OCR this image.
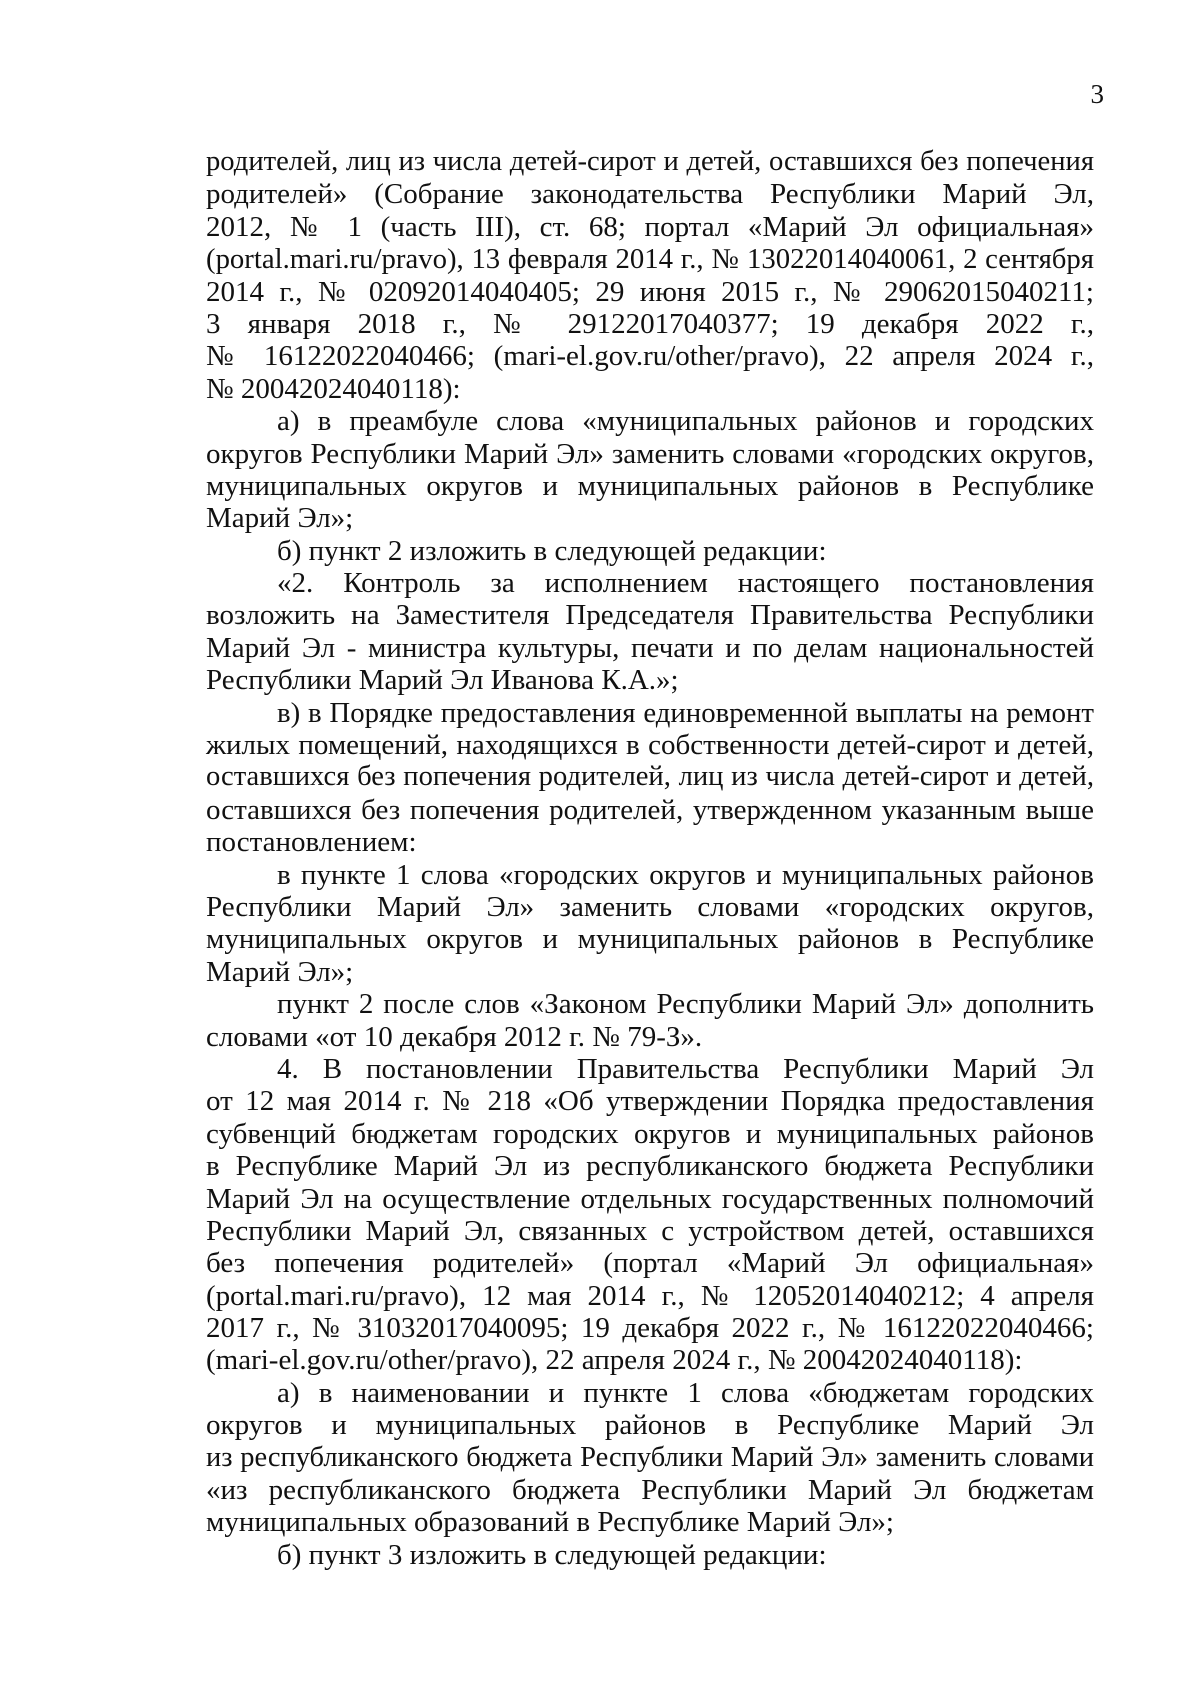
3
родителей, лиц из числа детей-сирот и детей, оставшихся без попечения
родителей» (Собрание законодательства Республики Марий Эл,
2012, № 1 (часть III), ст. 68; портал «Марий Эл официальная»
(portal.mari.ru/pravo), 13 февраля 2014 г., № 13022014040061, 2 сентября
2014 г., № 02092014040405; 29 июня 2015 г., № 29062015040211;
3 января 2018 г., № 29122017040377; 19 декабря 2022 г.,
№ 16122022040466; (mari-el.gov.ru/other/pravo), 22 апреля 2024 г.,
№ 20042024040118):
а) в преамбуле слова «муниципальных районов и городских
округов Республики Марий Эл» заменить словами «городских округов,
муниципальных округов и муниципальных районов в Республике
Марий Эл»;
б) пункт 2 изложить в следующей редакции:
«2. Контроль за исполнением настоящего постановления
возложить на Заместителя Председателя Правительства Республики
Марий Эл - министра культуры, печати и по делам национальностей
Республики Марий Эл Иванова К.А.»;
в) в Порядке предоставления единовременной выплаты на ремонт
жилых помещений, находящихся в собственности детей-сирот и детей,
оставшихся без попечения родителей, лиц из числа детей-сирот и детей,
оставшихся без попечения родителей, утвержденном указанным выше
постановлением:
в пункте 1 слова «городских округов и муниципальных районов
Республики Марий Эл» заменить словами «городских округов,
муниципальных округов и муниципальных районов в Республике
Марий Эл»;
пункт 2 после слов «Законом Республики Марий Эл» дополнить
словами «от 10 декабря 2012 г. № 79-З».
4. В постановлении Правительства Республики Марий Эл
от 12 мая 2014 г. № 218 «Об утверждении Порядка предоставления
субвенций бюджетам городских округов и муниципальных районов
в Республике Марий Эл из республиканского бюджета Республики
Марий Эл на осуществление отдельных государственных полномочий
Республики Марий Эл, связанных с устройством детей, оставшихся
без попечения родителей» (портал «Марий Эл официальная»
(portal.mari.ru/pravo), 12 мая 2014 г., № 12052014040212; 4 апреля
2017 г., № 31032017040095; 19 декабря 2022 г., № 16122022040466;
(mari-el.gov.ru/other/pravo), 22 апреля 2024 г., № 20042024040118):
а) в наименовании и пункте 1 слова «бюджетам городских
округов и муниципальных районов в Республике Марий Эл
из республиканского бюджета Республики Марий Эл» заменить словами
«из республиканского бюджета Республики Марий Эл бюджетам
муниципальных образований в Республике Марий Эл»;
б) пункт 3 изложить в следующей редакции:
